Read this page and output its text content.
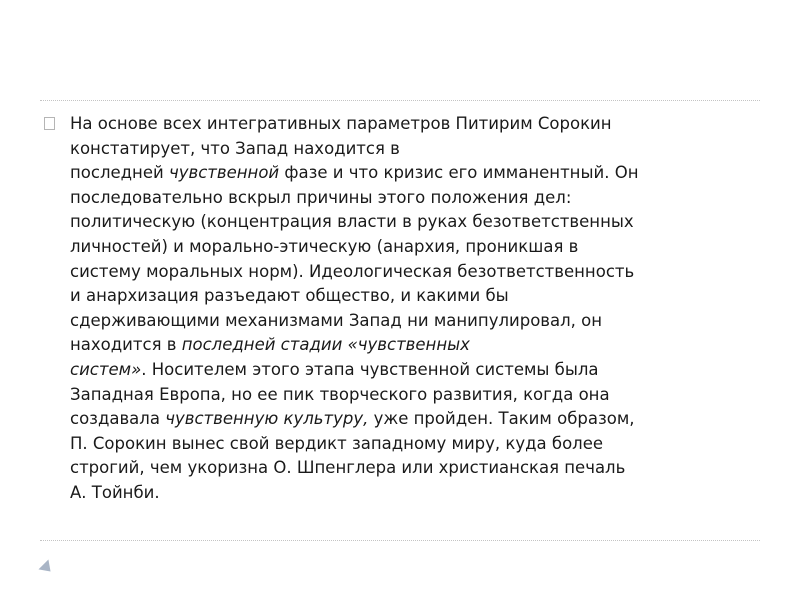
На основе всех интегративных параметров Питирим Сорокин
констатирует, что Запад находится в
последней чувственной фазе и что кризис его имманентный. Он
последовательно вскрыл причины этого положения дел:
политическую (концентрация власти в руках безответственных
личностей) и морально-этическую (анархия, проникшая в
систему моральных норм). Идеологическая безответственность
и анархизация разъедают общество, и какими бы
сдерживающими механизмами Запад ни манипулировал, он
находится в последней стадии «чувственных
систем». Носителем этого этапа чувственной системы была
Западная Европа, но ее пик творческого развития, когда она
создавала чувственную культуру, уже пройден. Таким образом,
П. Сорокин вынес свой вердикт западному миру, куда более
строгий, чем укоризна О. Шпенглера или христианская печаль
А. Тойнби.
